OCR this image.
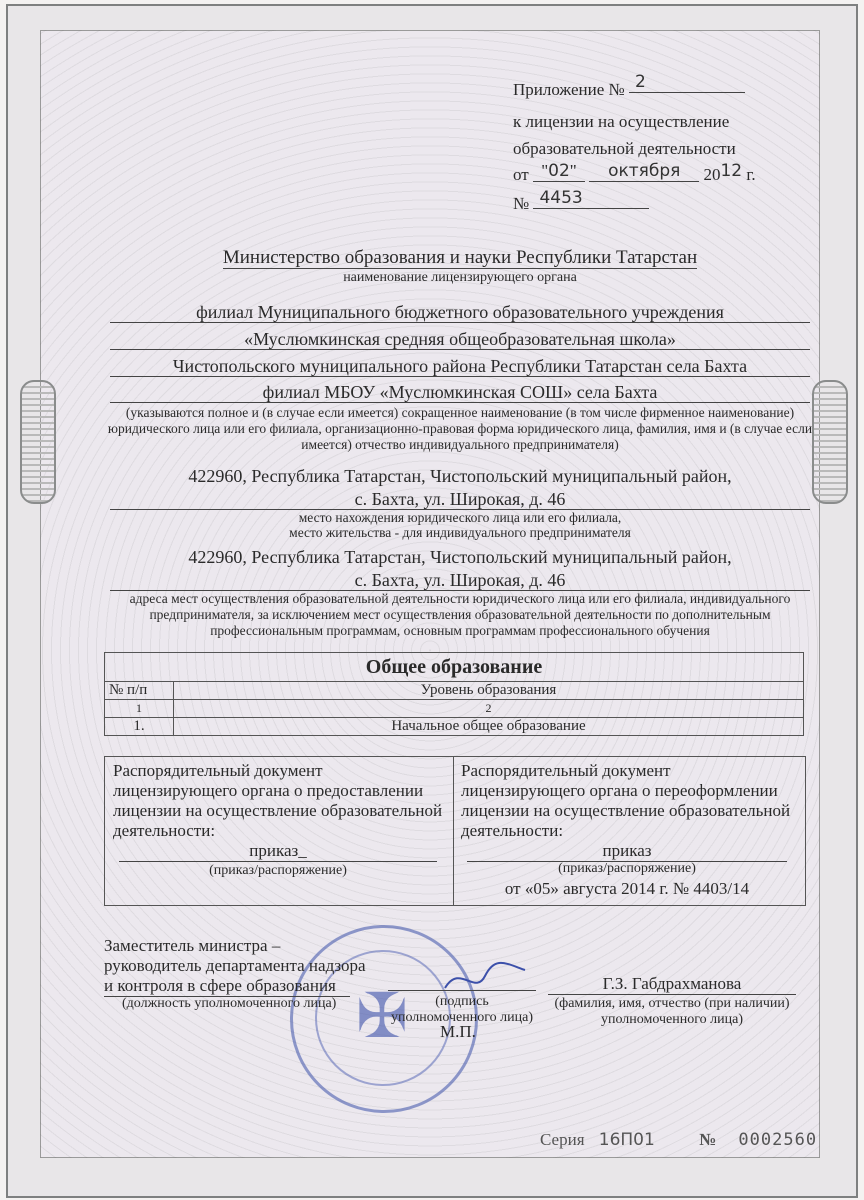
Приложение № 2
к лицензии на осуществление
образовательной деятельности
от "02" октября 2012 г.
№ 4453
Министерство образования и науки Республики Татарстан
наименование лицензирующего органа
филиал Муниципального бюджетного образовательного учреждения
«Муслюмкинская средняя общеобразовательная школа»
Чистопольского муниципального района Республики Татарстан села Бахта
филиал МБОУ «Муслюмкинская СОШ» села Бахта
(указываются полное и (в случае если имеется) сокращенное наименование (в том числе фирменное наименование) юридического лица или его филиала, организационно-правовая форма юридического лица, фамилия, имя и (в случае если имеется) отчество индивидуального предпринимателя)
422960, Республика Татарстан, Чистопольский муниципальный район,
с. Бахта, ул. Широкая, д. 46
место нахождения юридического лица или его филиала,
место жительства - для индивидуального предпринимателя
422960, Республика Татарстан, Чистопольский муниципальный район,
с. Бахта, ул. Широкая, д. 46
адреса мест осуществления образовательной деятельности юридического лица или его филиала, индивидуального предпринимателя, за исключением мест осуществления образовательной деятельности по дополнительным профессиональным программам, основным программам профессионального обучения
Общее образование	
№ п/п	Уровень образования
1	2
1.	Начальное общее образование
Распорядительный документ лицензирующего органа о предоставлении лицензии на осуществление образовательной деятельности:
приказ_
(приказ/распоряжение)
Распорядительный документ лицензирующего органа о переоформлении лицензии на осуществление образовательной деятельности:
приказ
(приказ/распоряжение)
от «05» августа 2014 г. № 4403/14
✠
Заместитель министра –
руководитель департамента надзора
и контроля в сфере образования
(должность уполномоченного лица)	(подпись
уполномоченного лица)
М.П.
Г.З. Габдрахманова
(фамилия, имя, отчество (при наличии)
уполномоченного лица)
Серия 16П01	№ 0002560
